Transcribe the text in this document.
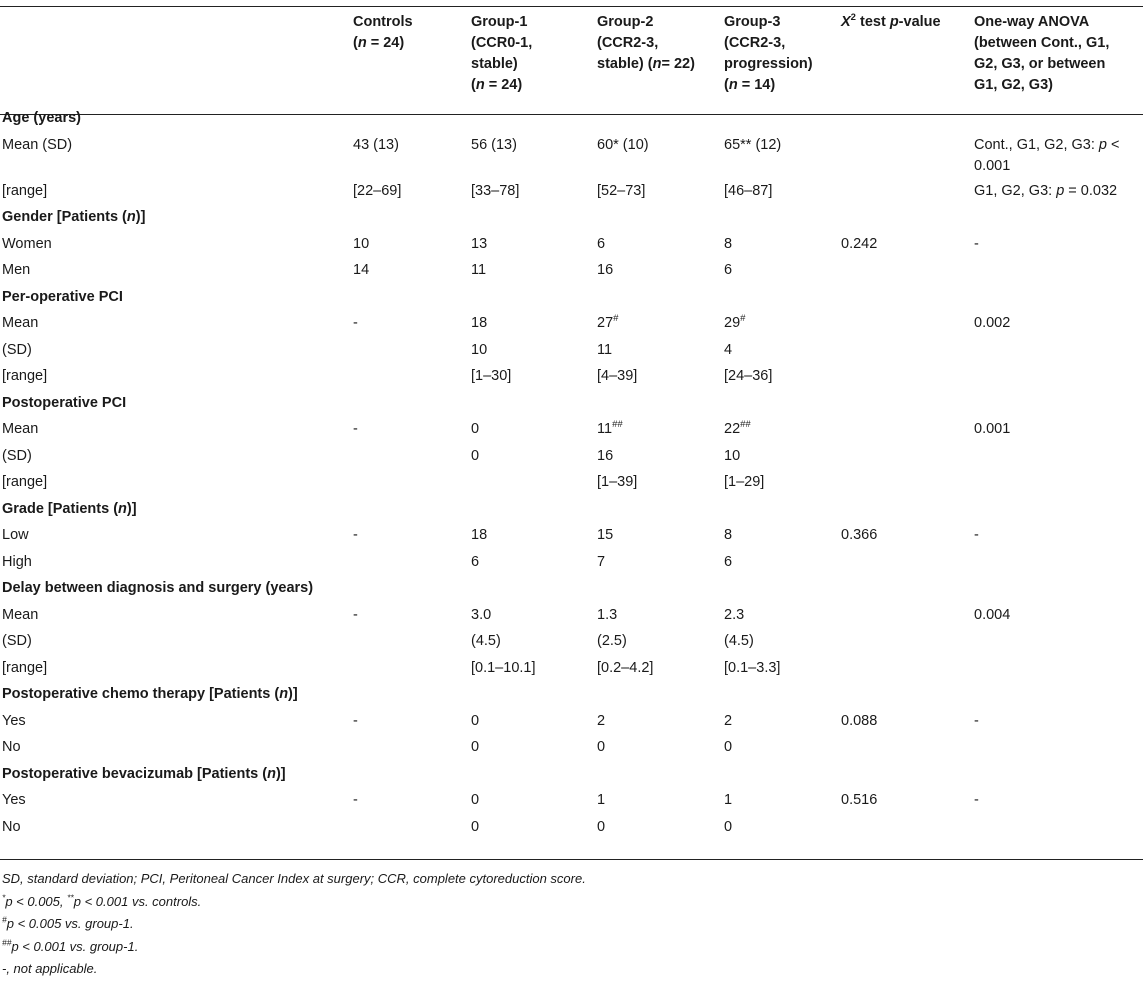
	Controls
(n = 24)	Group-1
(CCR0-1,
stable)
(n = 24)	Group-2
(CCR2-3,
stable) (n= 22)	Group-3
(CCR2-3,
progression)
(n = 14)	$X^2$ test p-value	One-way ANOVA
(between Cont., G1,
G2, G3, or between
G1, G2, G3)
Age (years)						
Mean (SD)	43 (13)	56 (13)	60* (10)	65** (12)		Cont., G1, G2, G3: p <
0.001
[range]	[22–69]	[33–78]	[52–73]	[46–87]		G1, G2, G3: p = 0.032
Gender [Patients (n)]						
Women	10	13	6	8	0.242	-
Men	14	11	16	6		
Per-operative PCI						
Mean	-	18	27#	29#		0.002
(SD)		10	11	4		
[range]		[1–30]	[4–39]	[24–36]		
Postoperative PCI						
Mean	-	0	11##	22##		0.001
(SD)		0	16	10		
[range]			[1–39]	[1–29]		
Grade [Patients (n)]						
Low	-	18	15	8	0.366	-
High		6	7	6		
Delay between diagnosis and surgery (years)						
Mean	-	3.0	1.3	2.3		0.004
(SD)		(4.5)	(2.5)	(4.5)		
[range]		[0.1–10.1]	[0.2–4.2]	[0.1–3.3]		
Postoperative chemo therapy [Patients (n)]						
Yes	-	0	2	2	0.088	-
No		0	0	0		
Postoperative bevacizumab [Patients (n)]						
Yes	-	0	1	1	0.516	-
No		0	0	0		
SD, standard deviation; PCI, Peritoneal Cancer Index at surgery; CCR, complete cytoreduction score.
*p < 0.005, **p < 0.001 vs. controls.
#p < 0.005 vs. group-1.
##p < 0.001 vs. group-1.
-, not applicable.
